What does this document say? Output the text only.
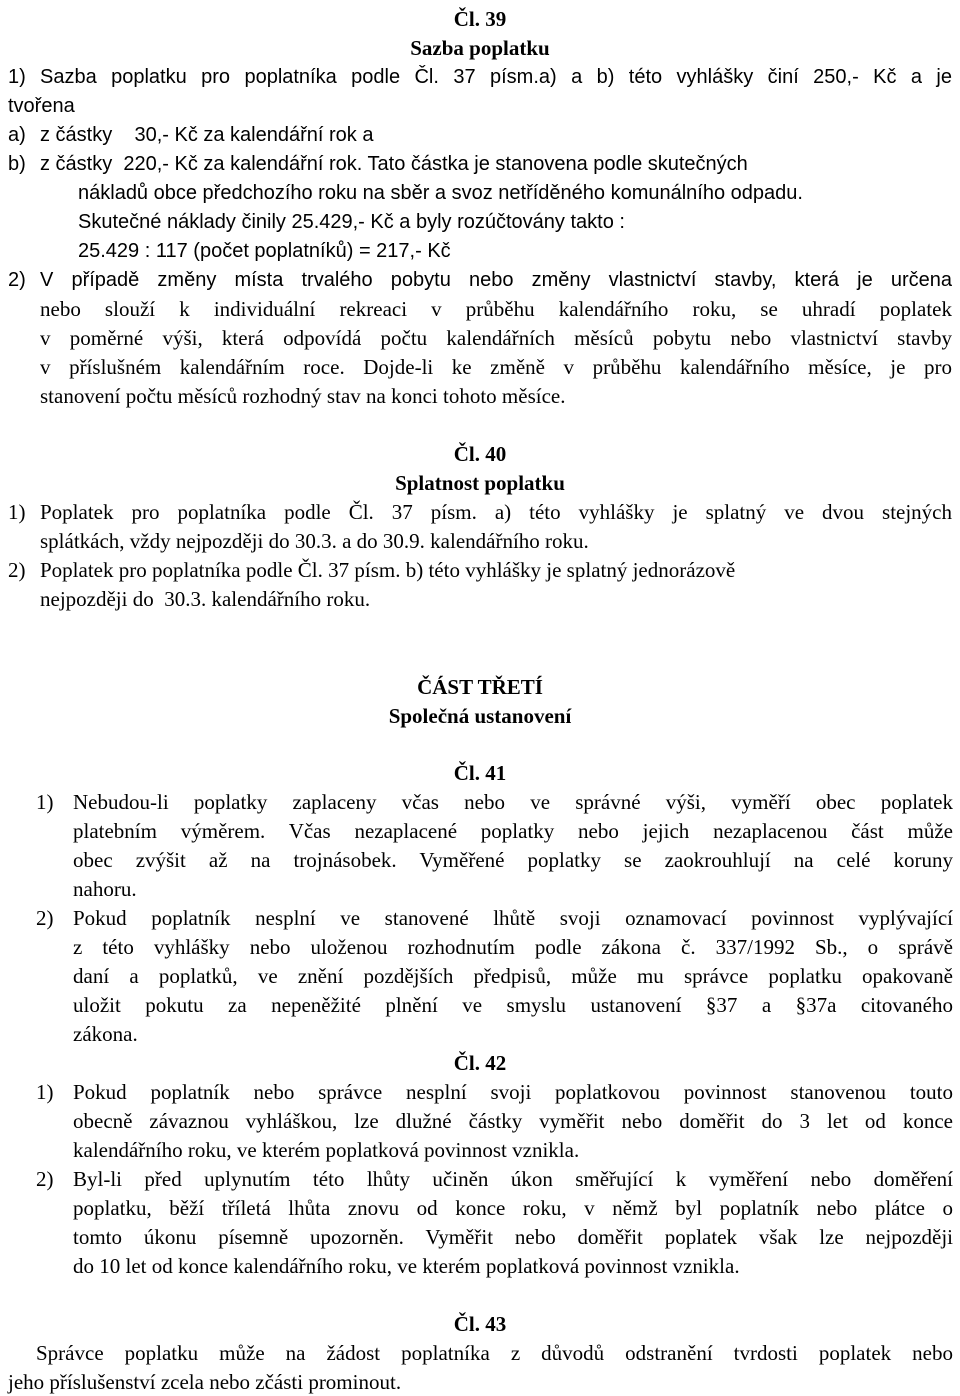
Čl. 39
Sazba poplatku
1) Sazba poplatku pro poplatníka podle Čl. 37 písm.a) a b) této vyhlášky činí 250,- Kč a je
tvořena
a) z částky    30,- Kč za kalendářní rok a
b) z částky  220,- Kč za kalendářní rok. Tato částka je stanovena podle skutečných
nákladů obce předchozího roku na sběr a svoz netříděného komunálního odpadu.
Skutečné náklady činily 25.429,- Kč a byly rozúčtovány takto :
25.429 : 117 (počet poplatníků) = 217,- Kč
2) V případě změny místa trvalého pobytu nebo změny vlastnictví stavby, která je určena
nebo slouží k individuální rekreaci v průběhu kalendářního roku, se uhradí poplatek
v poměrné výši, která odpovídá počtu kalendářních měsíců pobytu nebo vlastnictví stavby
v příslušném kalendářním roce. Dojde-li ke změně v průběhu kalendářního měsíce, je pro
stanovení počtu měsíců rozhodný stav na konci tohoto měsíce.
Čl. 40
Splatnost poplatku
1) Poplatek pro poplatníka podle Čl. 37 písm. a) této vyhlášky je splatný ve dvou stejných
splátkách, vždy nejpozději do 30.3. a do 30.9. kalendářního roku.
2) Poplatek pro poplatníka podle Čl. 37 písm. b) této vyhlášky je splatný jednorázově
nejpozději do  30.3. kalendářního roku.
ČÁST TŘETÍ
Společná ustanovení
Čl. 41
1) Nebudou-li poplatky zaplaceny včas nebo ve správné výši, vyměří obec poplatek
platebním výměrem. Včas nezaplacené poplatky nebo jejich nezaplacenou část může
obec zvýšit až na trojnásobek. Vyměřené poplatky se zaokrouhlují na celé koruny
nahoru.
2) Pokud poplatník nesplní ve stanovené lhůtě svoji oznamovací povinnost vyplývající
z této vyhlášky nebo uloženou rozhodnutím podle zákona č. 337/1992 Sb., o správě
daní a poplatků, ve znění pozdějších předpisů, může mu správce poplatku opakovaně
uložit pokutu za nepeněžité plnění ve smyslu ustanovení §37 a §37a citovaného
zákona.
Čl. 42
1) Pokud poplatník nebo správce nesplní svoji poplatkovou povinnost stanovenou touto
obecně závaznou vyhláškou, lze dlužné částky vyměřit nebo doměřit do 3 let od konce
kalendářního roku, ve kterém poplatková povinnost vznikla.
2) Byl-li před uplynutím této lhůty učiněn úkon směřující k vyměření nebo doměření
poplatku, běží tříletá lhůta znovu od konce roku, v němž byl poplatník nebo plátce o
tomto úkonu písemně upozorněn. Vyměřit nebo doměřit poplatek však lze nejpozději
do 10 let od konce kalendářního roku, ve kterém poplatková povinnost vznikla.
Čl. 43
Správce poplatku může na žádost poplatníka z důvodů odstranění tvrdosti poplatek nebo
jeho příslušenství zcela nebo zčásti prominout.
